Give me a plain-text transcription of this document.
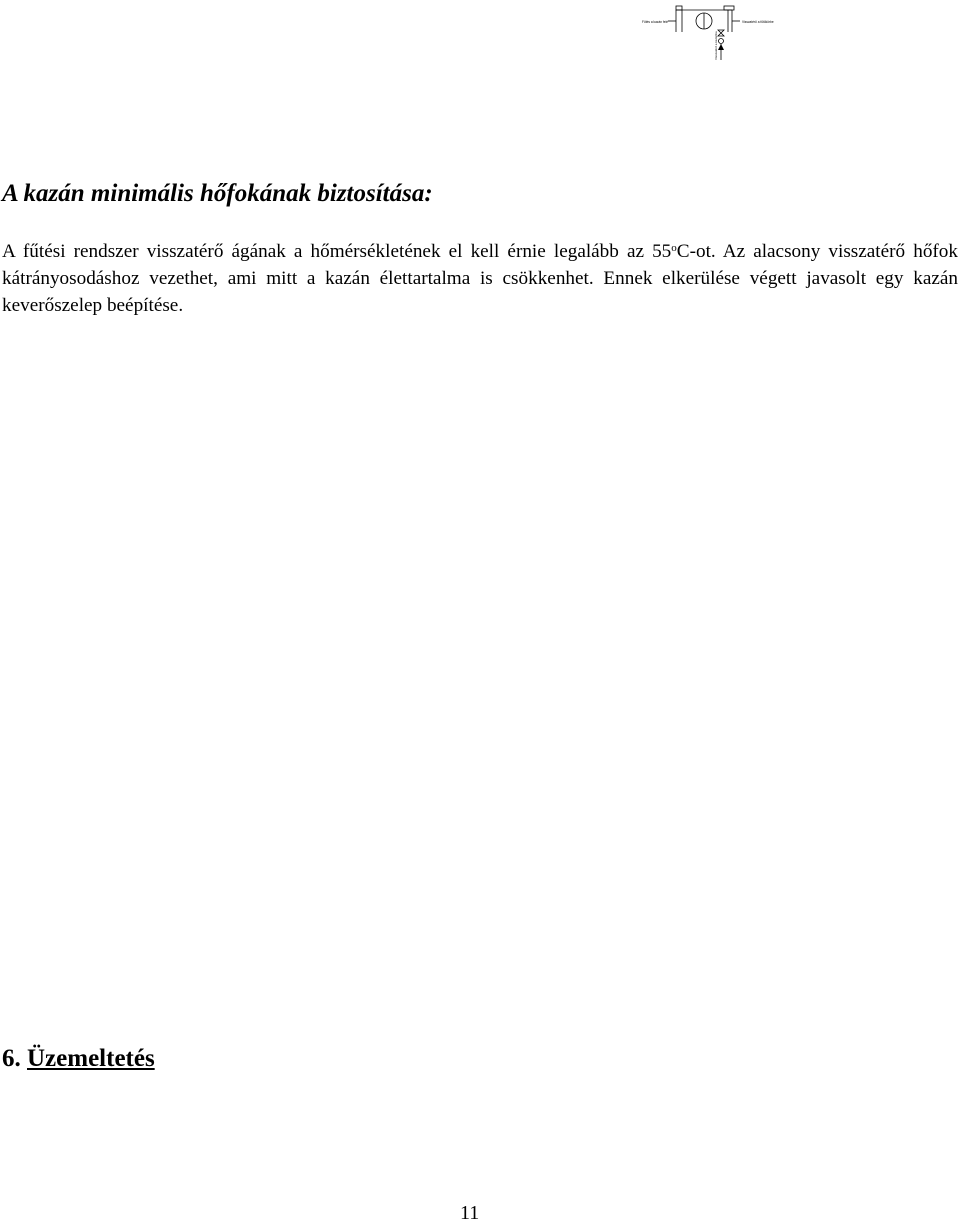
Fűtés a kazán felé	Visszatérő a fűtőkörbe
Visszatérő a kazánba
A kazán minimális hőfokának biztosítása:

A fűtési rendszer visszatérő ágának a hőmérsékletének el kell érnie legalább az 55$^o$C-ot. Az alacsony visszatérő hőfok kátrányosodáshoz vezethet, ami mitt a kazán élettartalma is csökkenhet. Ennek elkerülése végett javasolt egy kazán keverőszelep beépítése.

6. Üzemeltetés

11
